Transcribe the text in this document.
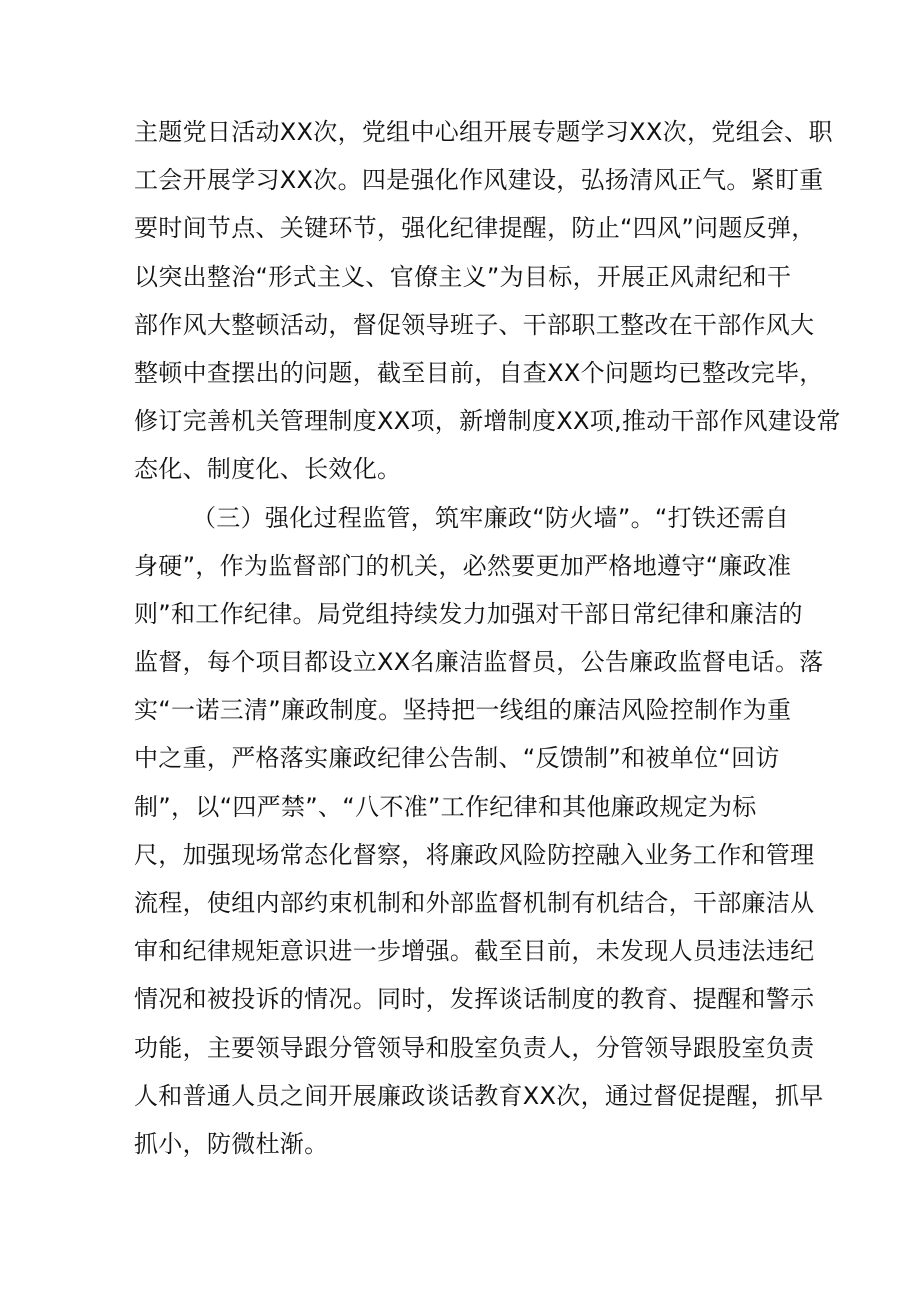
主题党日活动XX次，党组中心组开展专题学习XX次，党组会、职
工会开展学习XX次。四是强化作风建设，弘扬清风正气。紧盯重
要时间节点、关键环节，强化纪律提醒，防止“四风”问题反弹，
以突出整治“形式主义、官僚主义”为目标，开展正风肃纪和干
部作风大整顿活动，督促领导班子、干部职工整改在干部作风大
整顿中查摆出的问题，截至目前，自查XX个问题均已整改完毕，
修订完善机关管理制度XX项，新增制度XX项,推动干部作风建设常
态化、制度化、长效化。
（三）强化过程监管，筑牢廉政“防火墙”。“打铁还需自
身硬”，作为监督部门的机关，必然要更加严格地遵守“廉政准
则”和工作纪律。局党组持续发力加强对干部日常纪律和廉洁的
监督，每个项目都设立XX名廉洁监督员，公告廉政监督电话。落
实“一诺三清”廉政制度。坚持把一线组的廉洁风险控制作为重
中之重，严格落实廉政纪律公告制、“反馈制”和被单位“回访
制”，以“四严禁”、“八不准”工作纪律和其他廉政规定为标
尺，加强现场常态化督察，将廉政风险防控融入业务工作和管理
流程，使组内部约束机制和外部监督机制有机结合，干部廉洁从
审和纪律规矩意识进一步增强。截至目前，未发现人员违法违纪
情况和被投诉的情况。同时，发挥谈话制度的教育、提醒和警示
功能，主要领导跟分管领导和股室负责人，分管领导跟股室负责
人和普通人员之间开展廉政谈话教育XX次，通过督促提醒，抓早
抓小，防微杜渐。
